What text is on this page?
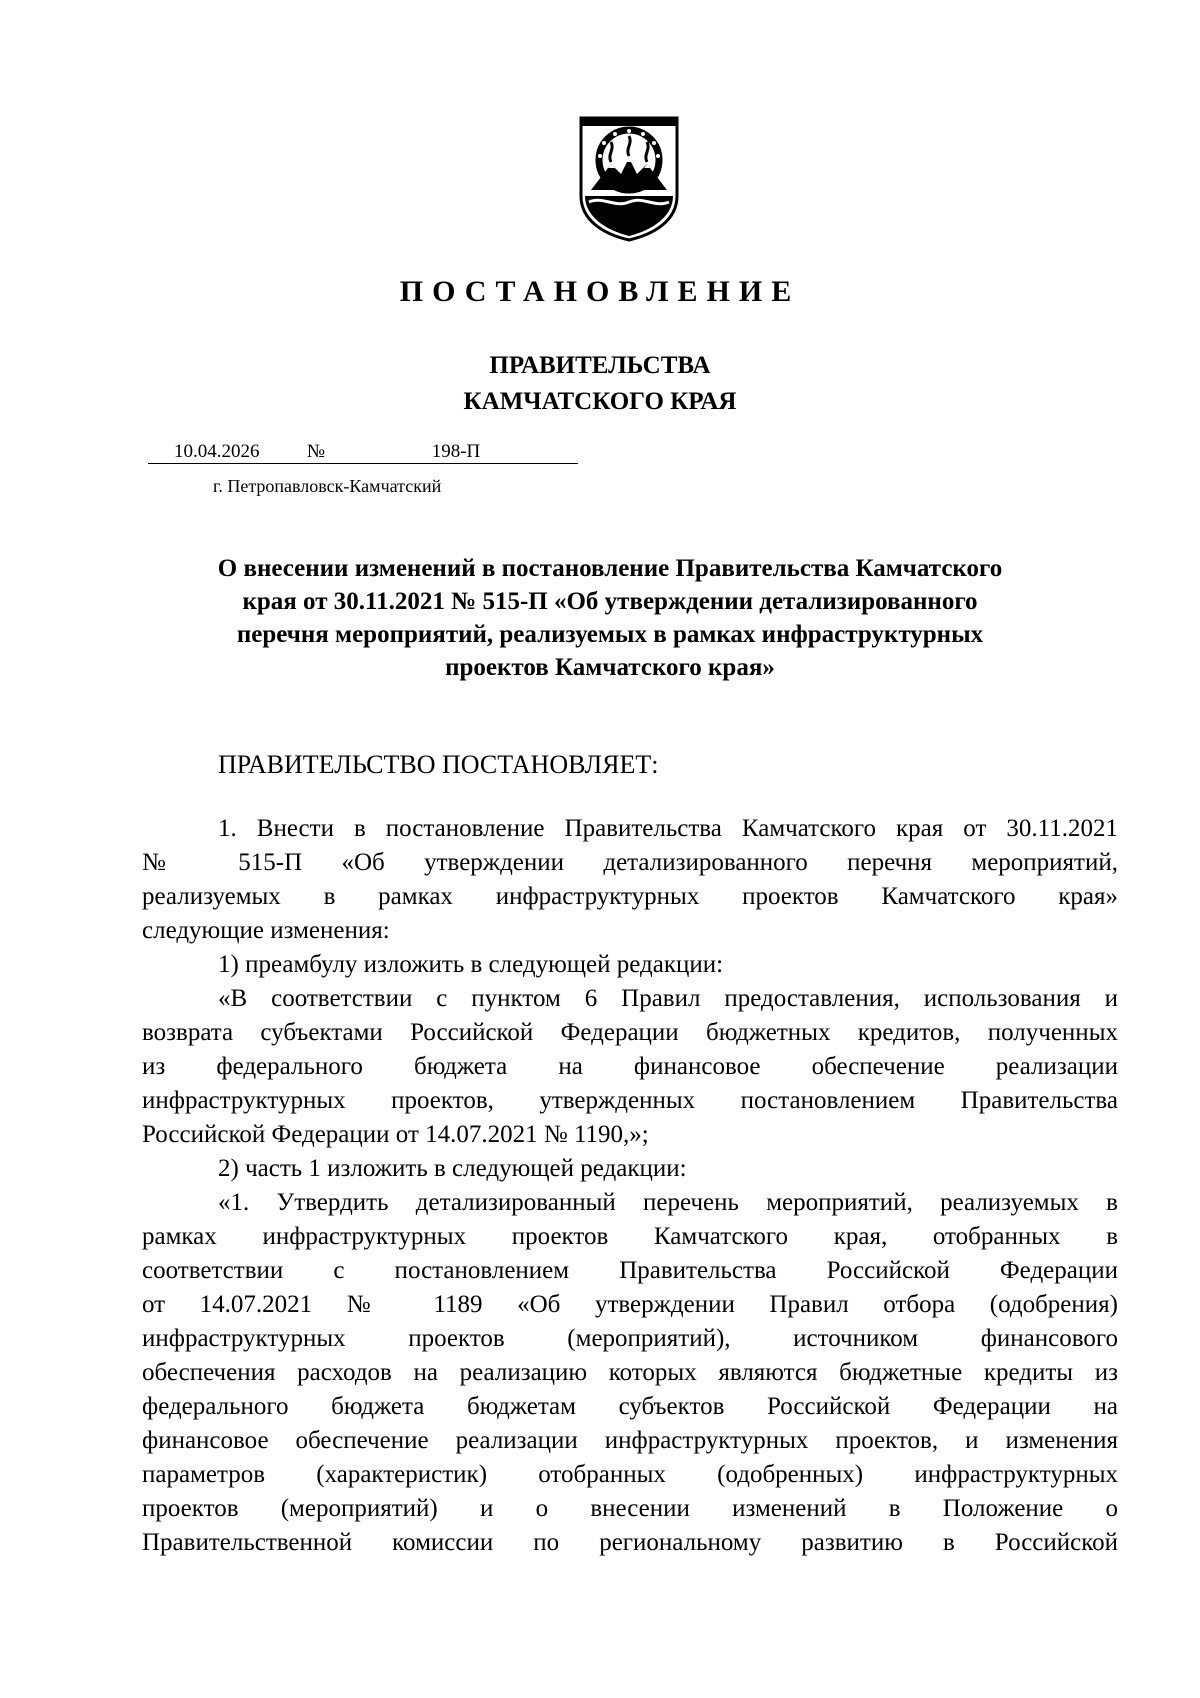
ПОСТАНОВЛЕНИЕ
ПРАВИТЕЛЬСТВА
КАМЧАТСКОГО КРАЯ
10.04.2026 №	198-П
г. Петропавловск-Камчатский
О внесении изменений в постановление Правительства Камчатского
края от 30.11.2021 № 515-П «Об утверждении детализированного
перечня мероприятий, реализуемых в рамках инфраструктурных
проектов Камчатского края»
ПРАВИТЕЛЬСТВО ПОСТАНОВЛЯЕТ:
1. Внести в постановление Правительства Камчатского края от 30.11.2021
№ 515-П «Об утверждении детализированного перечня мероприятий,
реализуемых в рамках инфраструктурных проектов Камчатского края»
следующие изменения:
1) преамбулу изложить в следующей редакции:
«В соответствии с пунктом 6 Правил предоставления, использования и
возврата субъектами Российской Федерации бюджетных кредитов, полученных
из федерального бюджета на финансовое обеспечение реализации
инфраструктурных проектов, утвержденных постановлением Правительства
Российской Федерации от 14.07.2021 № 1190,»;
2) часть 1 изложить в следующей редакции:
«1. Утвердить детализированный перечень мероприятий, реализуемых в
рамках инфраструктурных проектов Камчатского края, отобранных в
соответствии с постановлением Правительства Российской Федерации
от 14.07.2021 № 1189 «Об утверждении Правил отбора (одобрения)
инфраструктурных проектов (мероприятий), источником финансового
обеспечения расходов на реализацию которых являются бюджетные кредиты из
федерального бюджета бюджетам субъектов Российской Федерации на
финансовое обеспечение реализации инфраструктурных проектов, и изменения
параметров (характеристик) отобранных (одобренных) инфраструктурных
проектов (мероприятий) и о внесении изменений в Положение о
Правительственной комиссии по региональному развитию в Российской
